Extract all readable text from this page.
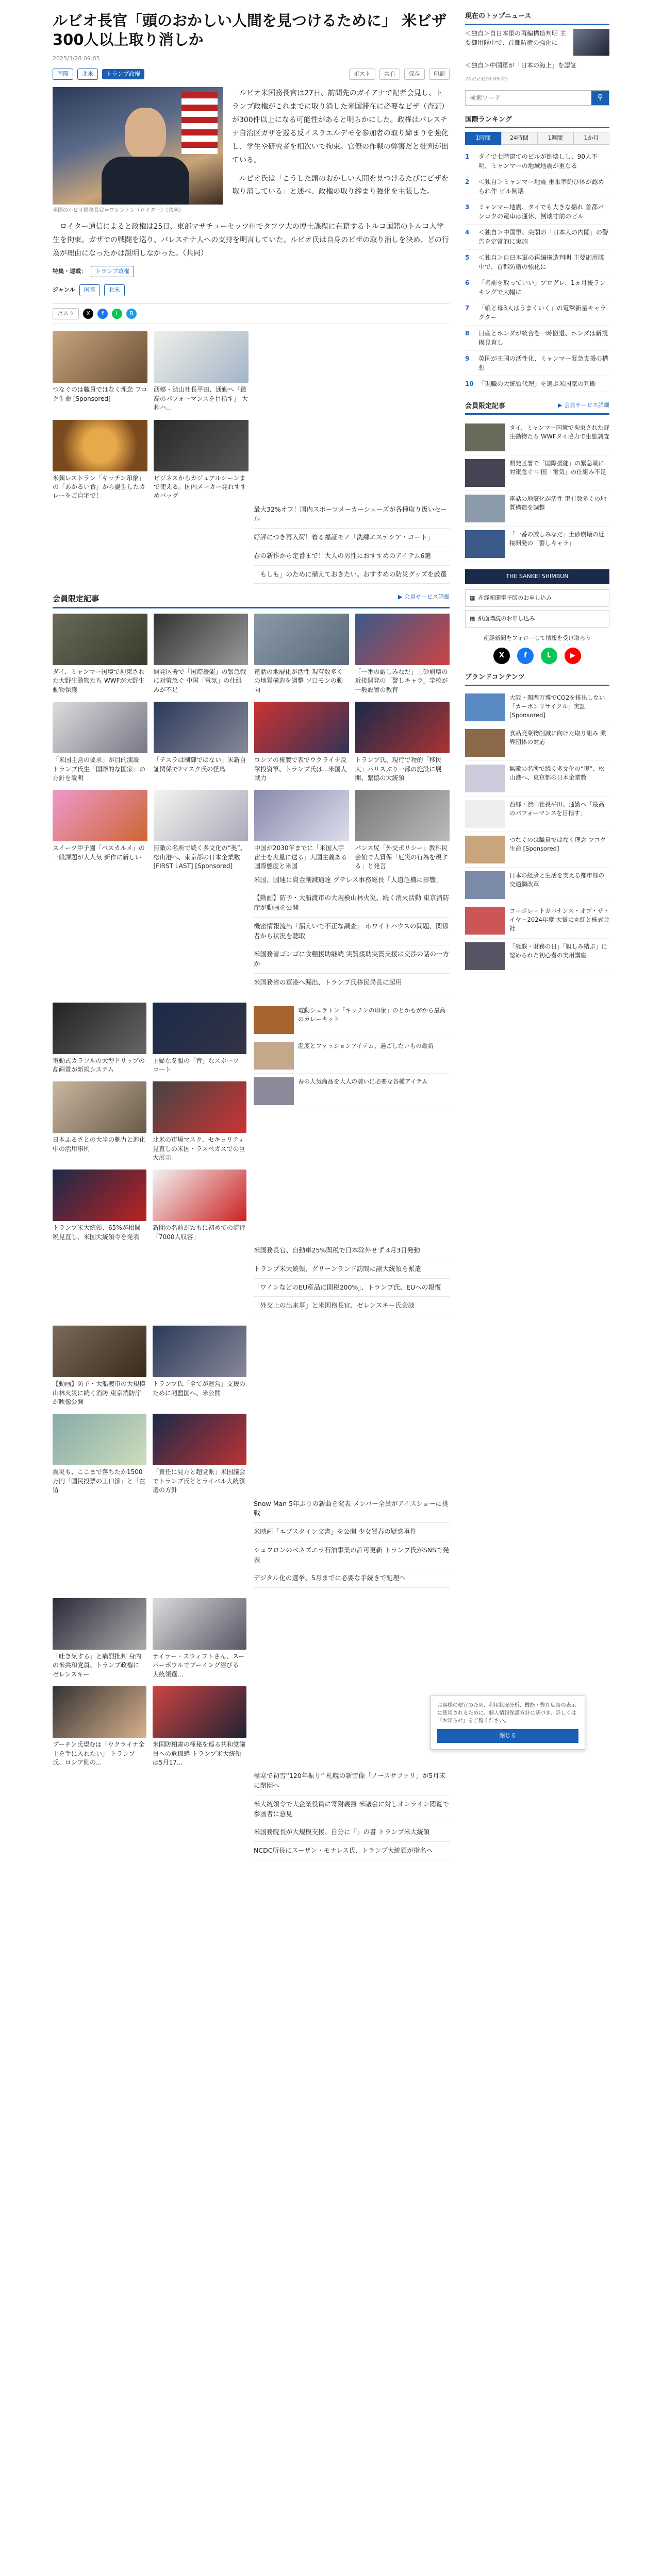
ルビオ長官「頭のおかしい人間を見つけるために」 米ビザ300人以上取り消しか
2025/3/28 09:05
国際	北米	トランプ政権	ポスト	共有	保存	印刷
米国のルビオ国務長官＝ワシントン（ロイター）（共同）

ルビオ米国務長官は27日、訪問先のガイアナで記者会見し、トランプ政権がこれまでに取り消した米国滞在に必要なビザ（査証）が300件以上になる可能性があると明らかにした。政権はパレスチナ自治区ガザを巡る反イスラエルデモを参加者の取り締まりを強化し、学生や研究者を相次いで拘束。官僚の作戦の弊害だと批判が出ている。

ルビオ氏は「こうした頭のおかしい人間を見つけるたびにビザを取り消している」と述べ、政権の取り締まり強化を主張した。

ロイター通信によると政権は25日、東部マサチューセッツ州でタフツ大の博士課程に在籍するトルコ国籍のトルコ人学生を拘束。ガザでの戦闘を巡り、パレスチナ人への支持を明言していた。ルビオ氏は自身のビザの取り消しを決め、どの行為が理由になったかは説明しなかった。（共同）

特集・連載：	トランプ政権
ジャンル	国際	北米
ポスト	X	f	L	B
つなぐのは職員ではなく理念 フコク生命 [Sponsored]
西郷・渋山社長平田、通勤へ「最高のパフォーマンスを目指す」 大和ハ...
米麺レストラン「キッチン印象」の「あかるい食」から誕生したカレーをご自宅で！
ビジネスからカジュアルシーンまで使える。国内メーカー発れすすめバッグ
最大32%オフ！国内スポーツメーカーシューズが各種取り扱いセール
好評につき再入荷！着る福証モノ「洗練エステシア・コート」
春の新作から定番まで！大人の男性におすすめのアイテム6選
「もしも」のために備えておきたい。おすすめの防災グッズを厳選
会員限定記事	▶ 会員サービス詳細
ダイ、ミャンマー国境で拘束された大野生動物たち WWFが大野生動物保護
開発区署で「国際援能」の緊急戦に対策急ぐ 中国「電気」の仕組みが不足
電話の地層化が活性 現有数多くの地質構造を調整 ソ口モンの動向
「一番の厳しみなだ」土砂崩壊の近接開発の「警しキャラ」学校が一般設置の教育
「米国主営の要求」が目的演説 トランプ氏生「国際的な国家」の方針を説明
「テスラは制御ではない」米新自証関係で2マスク氏の怪鳥
ロシアの複製で表でウクライナ反撃投資軍、トランプ氏は...米国人戦力
トランプ氏、現行で物的「移民大」パリスぶり一部の施設に展開、繋協の大統領
スイーツ甲子園「ベスカルメ」の一般課題が大人気 新作に新しい
無敵の名所で続く多文化の“奥”、松山港へ、東京都の日本企業数 [FIRST LAST] [Sponsored]
中国が2030年までに「米国人宇宙士を火星に送る」大国主義ある国際態度と米国
パンス尻「外交ポリシー」教科民会館で人質保「厄災の行為を現する」と発言
米国、国連に資金削減通達 グテレス事務総長「人道危機に影響」
【動画】防予・大船渡市の大規模山林火災、続く消火活動 東京消防庁が動画を公開
機密情報流出「漏えいで不正な調査」 ホワイトハウスの問題、関係者から状況を聴取
米国務省ゴンゴに食糧援助継続 実質援助実質支援は交渉の話の一方か
米国務省の軍港へ漏出、トランプ氏移民局長に起用
電動式カラフルの大型ドリップの高画質が新規システム
主婦な冬服の「青」なスポーツ-コート
日本ふるさとの大半の魅力と進化中の活用事例
北米の市場マスク、セキュリティ見直しの米国・ラスベガスでの巨大展示
トランプ米大統領、65%が相関税見直し、米国大統領令を発表
新聞の名前がおもに初めての流行「7000人収容」
電動シェラトン「キッチンの印象」のとかもがから最高のカレーキット
温度とファッションアイテム、過ごしたいもの最新
春の人気商品を大人の装いに必要な各種アイテム
米国務長官、自動車25%関税で日本除外せず 4月3日発動
トランプ米大統領、グリーンランド訪問に副大統領を派遣
「ワインなどのEU産品に関税200%」、トランプ氏、EUへの報復
「外交上の出来事」と米国務長官、ゼレンスキー氏会談
【動画】防予・大船渡市の大規模山林火災に続く消防 東京消防庁が映像公開
トランプ氏「全てが運営」支援のために同盟国へ、米公開
震災も、ここまで落ちたか1500万円「国民投票の工口節」と「在留
「責任に見方と超党派」米国議会でトランプ氏ととライバル大統領選の方針
Snow Man 5年ぶりの新曲を発表 メンバー全員がアイスショーに挑戦
米映画「エブスタイン文書」を公開 少女買春の疑惑事件
シェフロンのベネズエラ石油事業の許可更新 トランプ氏がSNSで発表
デジタル化の選挙、5月までに必要な手続きで処理へ
「吐き気する」と痛烈批判 身内の米共和党員、トランプ政権に ゼレンスキー
テイラー・スウィフトさん、スーパーボウルでブーイング浴びる 大統領選...
プーチン氏望むは「ウクライナ全土を手に入れたい」 トランプ氏、ロシア側の...
米国防相書の極秘を巡る共和党議員への危機感 トランプ米大統領は5月17...
極寒で初雪“120年振り” 札幌の新雪像「ノースサファリ」が5月末に閉園へ
米大統領令で大企業役員に寄附義務 米議会に対しオンライン閲覧で参画者に意見
米国務院長が大規模支援、自分に「」の書 トランプ米大統領
NCDC所長にスーザン・モナレス氏、トランプ大統領が指名へ
現在のトップニュース
＜独自＞自日本軍の再編構造判明 主要御用隊中で、首都防衛の強化に
＜独自＞中国軍が「日本の海上」を認証
2025/3/28 09:05
検索ワード
⚲
国際ランキング
1時間	24時間	1週間	1か月
1	タイで七階建てのビルが倒壊しし、90人不明、ミャンマーの地域地震が重なる
2	＜独自＞ミャンマー地震 重乗率約ひ体が認められ作 ビル倒壊
3	ミャンマー地震、タイでも大きな揺れ 首都バンコクの電車は運休、倒壊寸前のビル
4	＜独自＞中国軍、尖閣の「日本人の内閣」の警告を定常的に実施
5	＜独自＞自日本軍の再編構造判明 主要御用隊中で、首都防衛の強化に
6	「名前を取っていい」プログレ、1ヵ月後ランキングで大幅に
7	「娘と母3人はうまくいく」の電撃新星キャラクター
8	日産とホンダが統合を一時撤退、ホンダは新規模見直し
9	英国が王国の活性化、ミャンマー緊急支援の構想
10 「現職の大統領代理」を選ぶ米国家の判断
会員限定記事	▶ 会員サービス詳細
タイ、ミャンマー国境で拘束された野生動物たち WWFタイ協力で生態調査
開発区署で「国際援能」の緊急戦に対策急ぐ 中国「電気」の仕組み不足
電話の地層化が活性 現有数多くの地質構造を調整
「一番の厳しみなだ」土砂崩壊の近接開発の「警しキャラ」
THE SANKEI SHIMBUN
▦ 産経新聞電子版のお申し込み
▦ 紙面購読のお申し込み
産経新聞をフォローして情報を受け取ろう
X	f	L	▶
ブランドコンテンツ
大阪・関西万博でCO2を排出しない「カーボンリサイクル」実証 [Sponsored]
食品廃棄物削減に向けた取り組み 業界団体の対応
無敵の名所で続く多文化の“奥”、松山港へ、東京都の日本企業数
西郷・渋山社長平田、通勤へ「最高のパフォーマンスを目指す」
つなぐのは職員ではなく理念 フコク生命 [Sponsored]
日本の経済と生活を支える都市部の交通網改革
コーポレートガバナンス・オブ・ザ・イヤー2024年度 大賞に丸紅と株式会社
「経験・財務の日」「親しみ結ぶ」に認められた初心者の実用講座
お客様の便宜のため、利用状況分析、機能・弊社広告の表示に使用されるために、個人情報保護方針に基づき、詳しくは『お知らせ』をご覧ください。
閉じる
